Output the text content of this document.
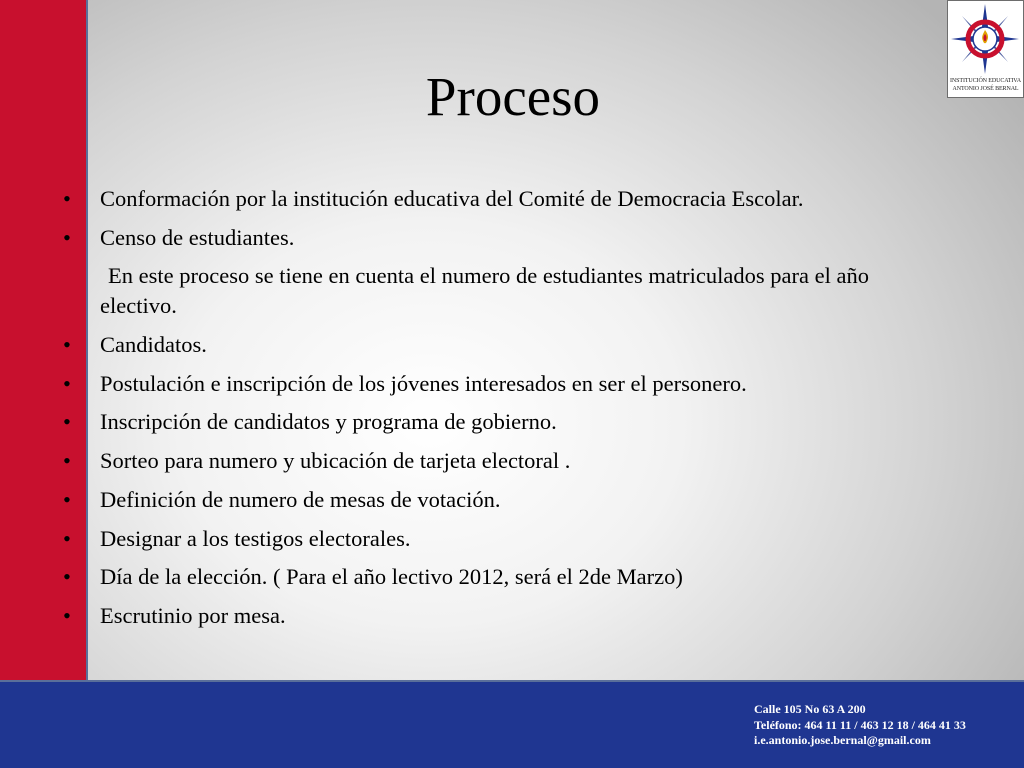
Proceso
• Conformación por la institución educativa del Comité de Democracia Escolar.
• Censo de estudiantes.
En este proceso se tiene en cuenta el numero de estudiantes matriculados para el año electivo.
• Candidatos.
• Postulación e inscripción de los jóvenes interesados en ser el personero.
• Inscripción de candidatos y programa de gobierno.
• Sorteo para numero y ubicación de tarjeta electoral .
• Definición de numero de mesas de votación.
• Designar a los testigos electorales.
• Día de la elección. ( Para el año lectivo 2012, será el 2de Marzo)
• Escrutinio por mesa.
INSTITUCIÓN EDUCATIVA
ANTONIO JOSÉ BERNAL
Calle 105 No 63 A 200
Teléfono: 464 11 11 / 463 12 18 / 464 41 33
i.e.antonio.jose.bernal@gmail.com
